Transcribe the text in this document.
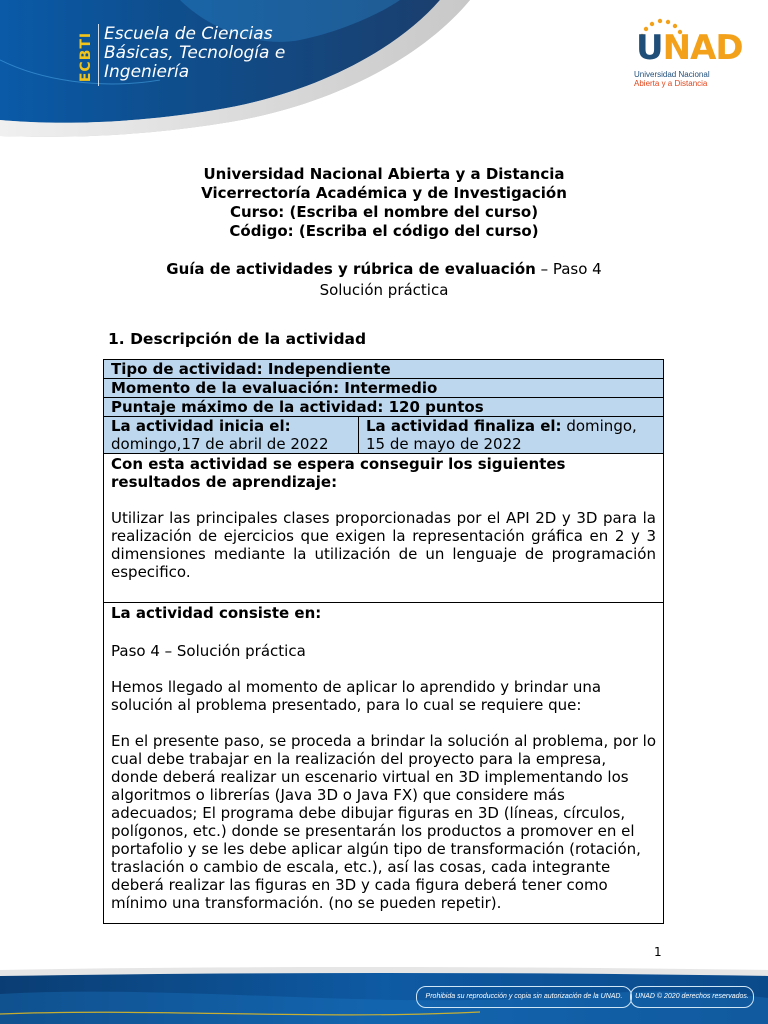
ECBTI Escuela de Ciencias
Básicas, Tecnología e
Ingeniería
UNAD
Universidad Nacional
Abierta y a Distancia
Universidad Nacional Abierta y a Distancia
Vicerrectoría Académica y de Investigación
Curso: (Escriba el nombre del curso)
Código: (Escriba el código del curso)
Guía de actividades y rúbrica de evaluación – Paso 4
Solución práctica
1. Descripción de la actividad
Tipo de actividad: Independiente
Momento de la evaluación: Intermedio
Puntaje máximo de la actividad: 120 puntos
La actividad inicia el:
domingo,17 de abril de 2022	La actividad finaliza el: domingo, 15 de mayo de 2022

Con esta actividad se espera conseguir los siguientes resultados de aprendizaje:

Utilizar las principales clases proporcionadas por el API 2D y 3D para la realización de ejercicios que exigen la representación gráfica en 2 y 3 dimensiones mediante la utilización de un lenguaje de programación especifico.

La actividad consiste en:

Paso 4 – Solución práctica

Hemos llegado al momento de aplicar lo aprendido y brindar una solución al problema presentado, para lo cual se requiere que:

En el presente paso, se proceda a brindar la solución al problema, por lo cual debe trabajar en la realización del proyecto para la empresa, donde deberá realizar un escenario virtual en 3D implementando los algoritmos o librerías (Java 3D o Java FX) que considere más adecuados; El programa debe dibujar figuras en 3D (líneas, círculos, polígonos, etc.) donde se presentarán los productos a promover en el portafolio y se les debe aplicar algún tipo de transformación (rotación, traslación o cambio de escala, etc.), así las cosas, cada integrante deberá realizar las figuras en 3D y cada figura deberá tener como mínimo una transformación. (no se pueden repetir).

1
Prohibida su reproducción y copia sin autorización de la UNAD.	UNAD © 2020 derechos reservados.
